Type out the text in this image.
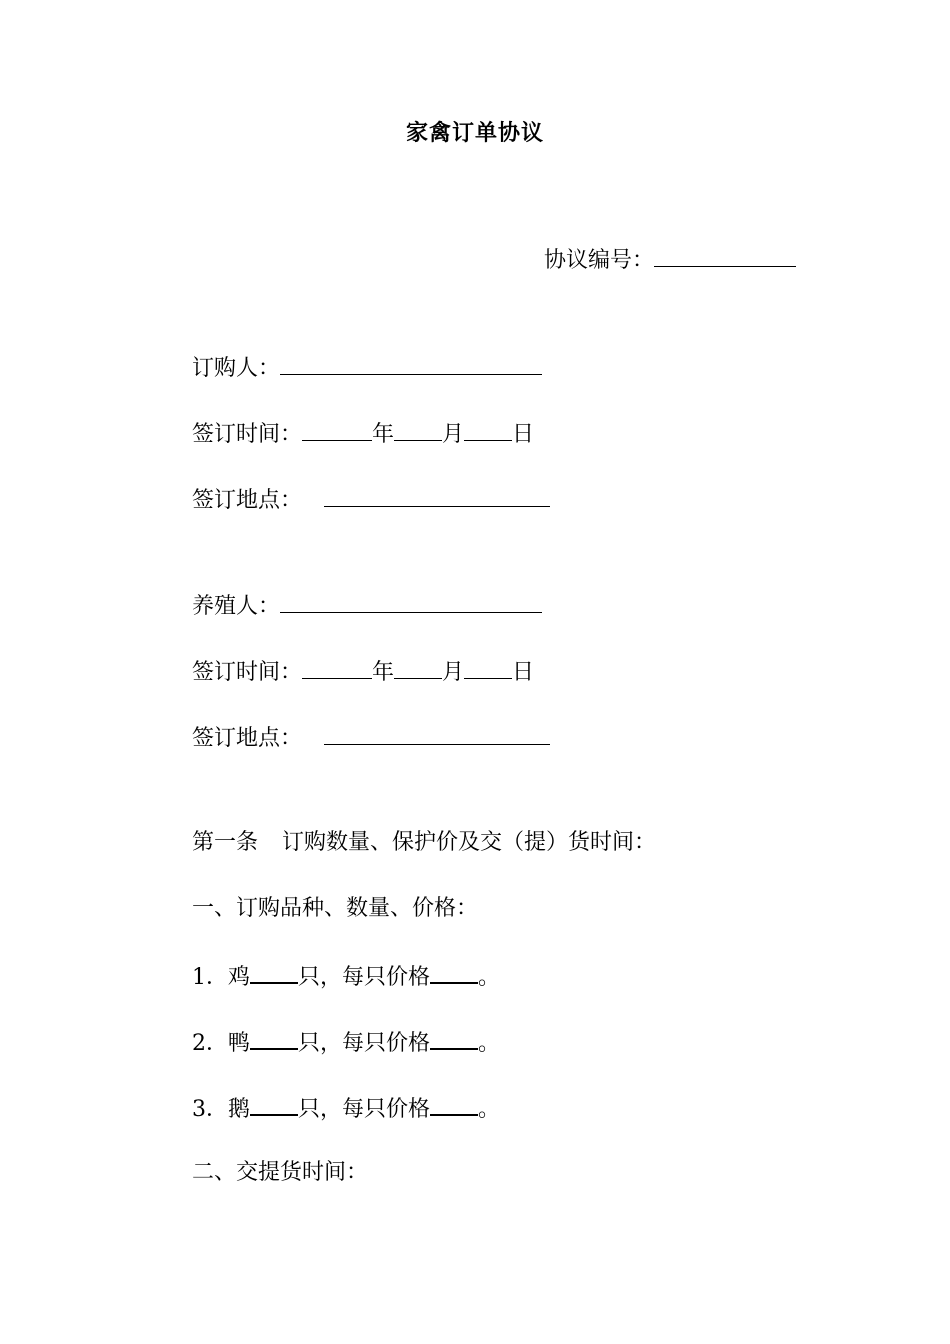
家禽订单协议
协议编号：
订购人：
签订时间：	年 月 日
签订地点：
养殖人：
签订时间：	年 月 日
签订地点：
第一条 订购数量、保护价及交（提）货时间：
一、订购品种、数量、价格：
1．鸡 只，每只价格 。
2．鸭 只，每只价格 。
3．鹅 只，每只价格 。
二、交提货时间：
